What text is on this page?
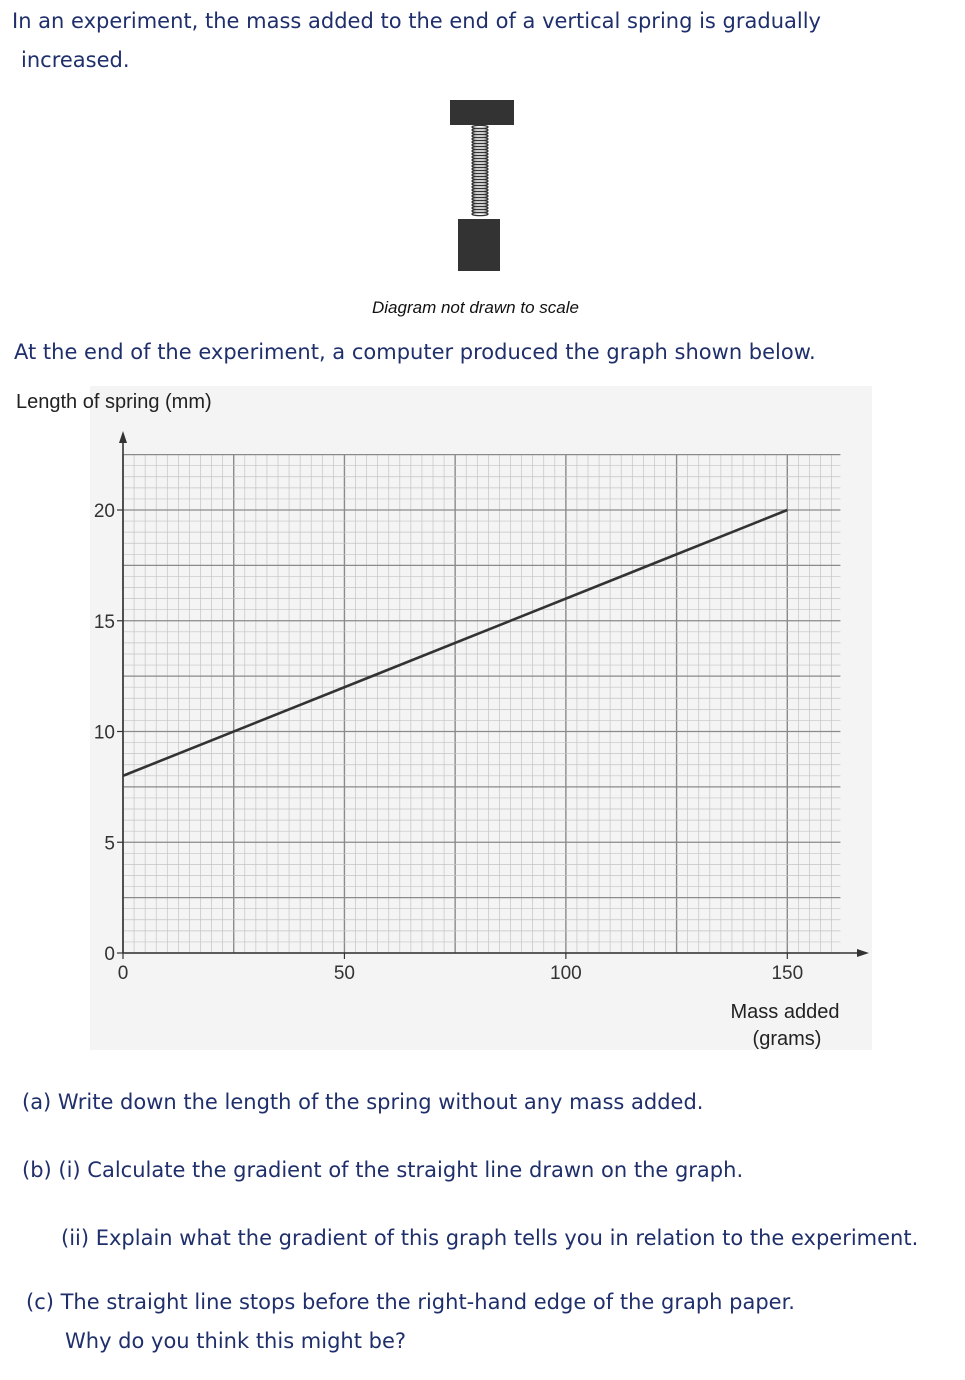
In an experiment, the mass added to the end of a vertical spring is gradually
increased.
Diagram not drawn to scale
At the end of the experiment, a computer produced the graph shown below.
Length of spring (mm)
0
5
10
15
20
0	50	100	150
Mass added
(grams)
(a) Write down the length of the spring without any mass added.
(b) (i) Calculate the gradient of the straight line drawn on the graph.
(ii) Explain what the gradient of this graph tells you in relation to the experiment.
(c) The straight line stops before the right-hand edge of the graph paper.
Why do you think this might be?
